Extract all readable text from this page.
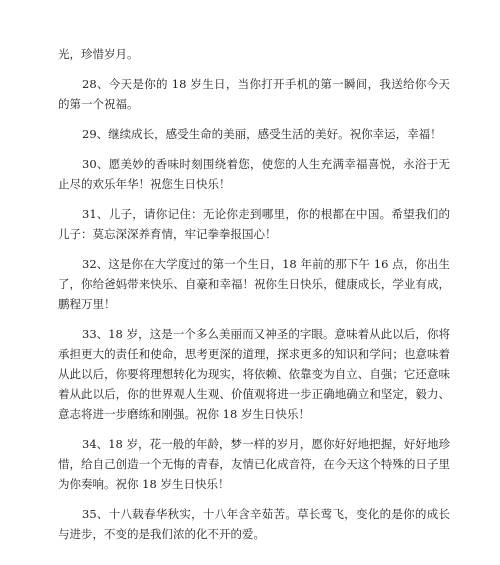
光，珍惜岁月。

28、今天是你的 18 岁生日，当你打开手机的第一瞬间，我送给你今天的第一个祝福。

29、继续成长，感受生命的美丽，感受生活的美好。祝你幸运，幸福！

30、愿美妙的香味时刻围绕着您，使您的人生充满幸福喜悦，永浴于无止尽的欢乐年华！祝您生日快乐！

31、儿子，请你记住：无论你走到哪里，你的根都在中国。希望我们的儿子：莫忘深深养育情，牢记拳拳报国心！

32、这是你在大学度过的第一个生日，18 年前的那下午 16 点，你出生了，你给爸妈带来快乐、自豪和幸福！祝你生日快乐，健康成长，学业有成，鹏程万里！

33、18 岁，这是一个多么美丽而又神圣的字眼。意味着从此以后，你将承担更大的责任和使命，思考更深的道理，探求更多的知识和学问；也意味着从此以后，你要将理想转化为现实，将依赖、依靠变为自立、自强；它还意味着从此以后，你的世界观人生观、价值观将进一步正确地确立和坚定，毅力、意志将进一步磨练和刚强。祝你 18 岁生日快乐！

34、18 岁，花一般的年龄，梦一样的岁月，愿你好好地把握，好好地珍惜，给自己创造一个无悔的青春，友情已化成音符，在今天这个特殊的日子里为你奏响。祝你 18 岁生日快乐！

35、十八载春华秋实，十八年含辛茹苦。草长莺飞，变化的是你的成长与进步，不变的是我们浓的化不开的爱。
